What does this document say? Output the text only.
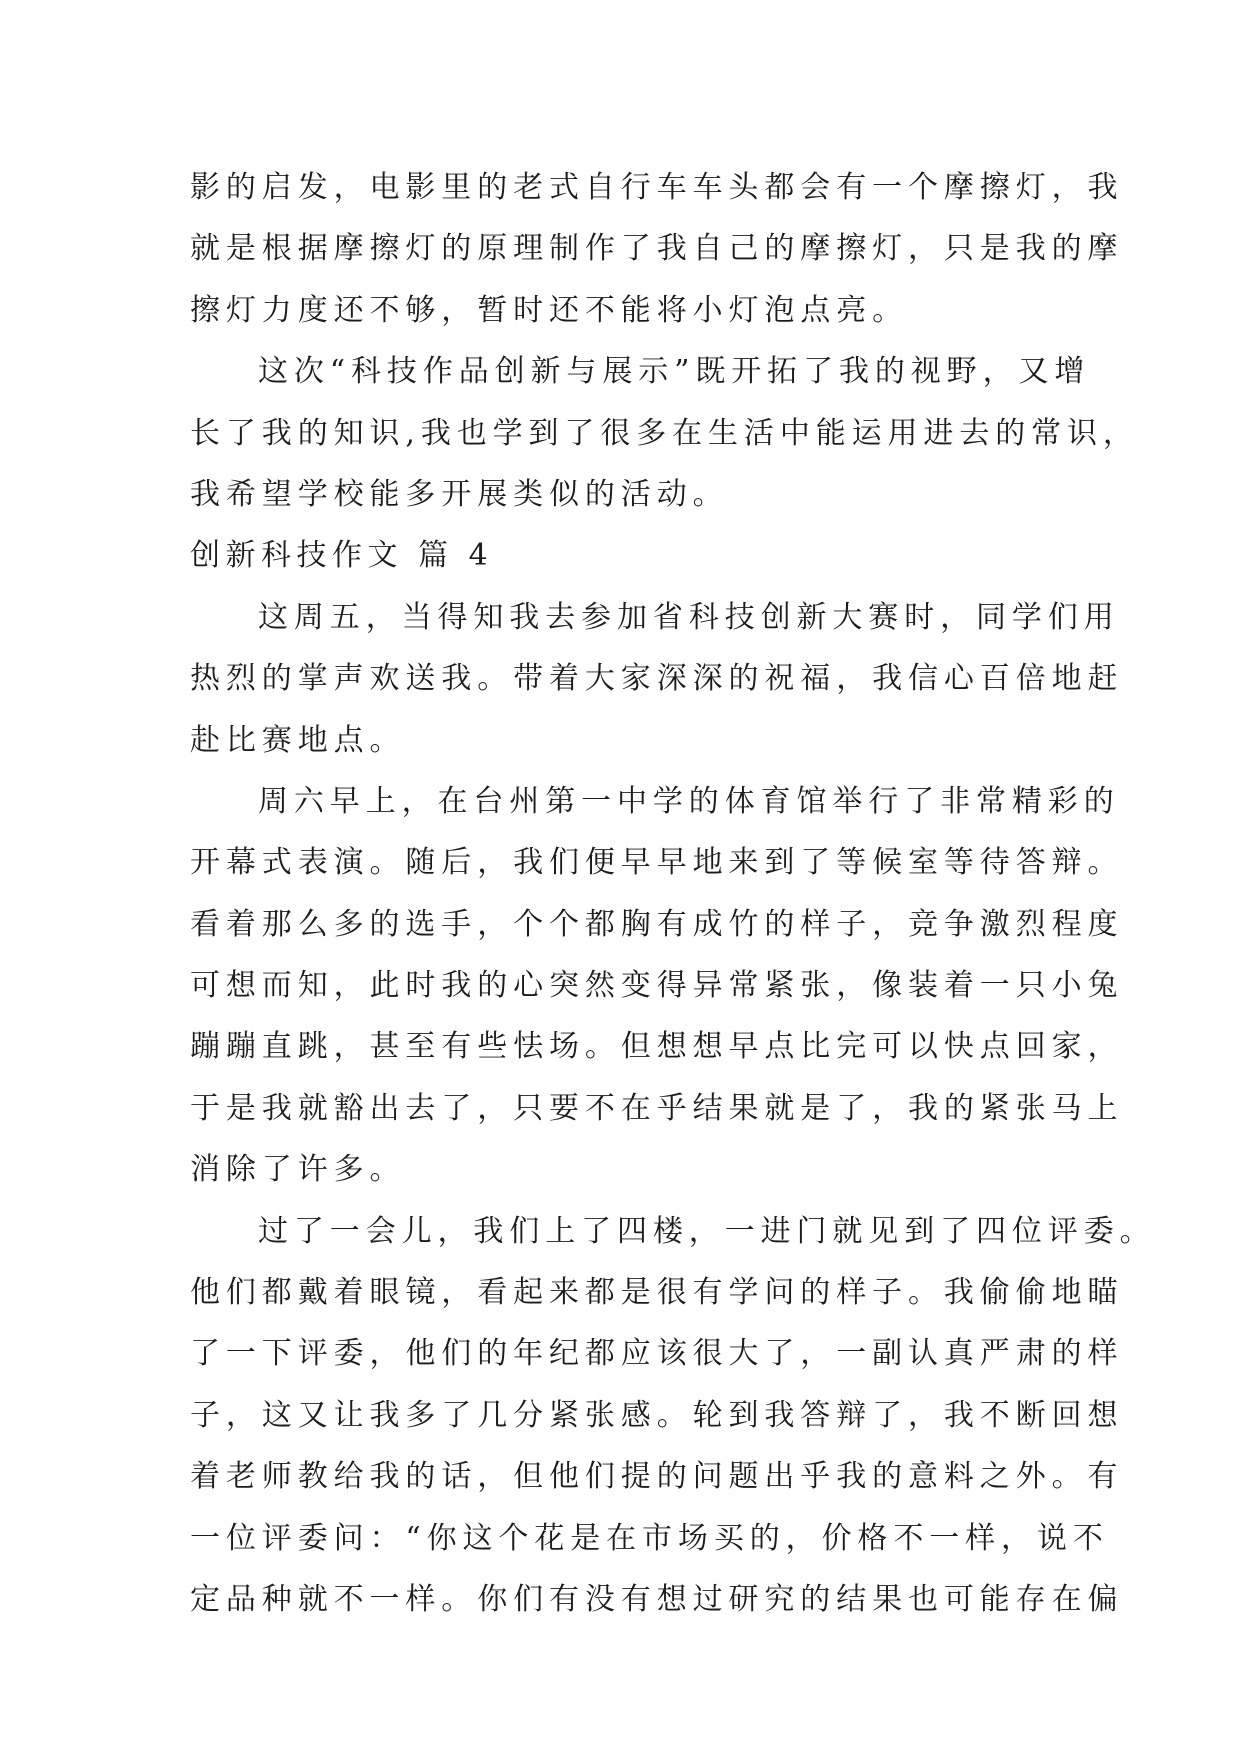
影的启发，电影里的老式自行车车头都会有一个摩擦灯，我
就是根据摩擦灯的原理制作了我自己的摩擦灯，只是我的摩
擦灯力度还不够，暂时还不能将小灯泡点亮。
这次“科技作品创新与展示”既开拓了我的视野，又增
长了我的知识,我也学到了很多在生活中能运用进去的常识，
我希望学校能多开展类似的活动。
创新科技作文 篇 4
这周五，当得知我去参加省科技创新大赛时，同学们用
热烈的掌声欢送我。带着大家深深的祝福，我信心百倍地赶
赴比赛地点。
周六早上，在台州第一中学的体育馆举行了非常精彩的
开幕式表演。随后，我们便早早地来到了等候室等待答辩。
看着那么多的选手，个个都胸有成竹的样子，竞争激烈程度
可想而知，此时我的心突然变得异常紧张，像装着一只小兔
蹦蹦直跳，甚至有些怯场。但想想早点比完可以快点回家，
于是我就豁出去了，只要不在乎结果就是了，我的紧张马上
消除了许多。
过了一会儿，我们上了四楼，一进门就见到了四位评委。
他们都戴着眼镜，看起来都是很有学问的样子。我偷偷地瞄
了一下评委，他们的年纪都应该很大了，一副认真严肃的样
子，这又让我多了几分紧张感。轮到我答辩了，我不断回想
着老师教给我的话，但他们提的问题出乎我的意料之外。有
一位评委问：“你这个花是在市场买的，价格不一样，说不
定品种就不一样。你们有没有想过研究的结果也可能存在偏
